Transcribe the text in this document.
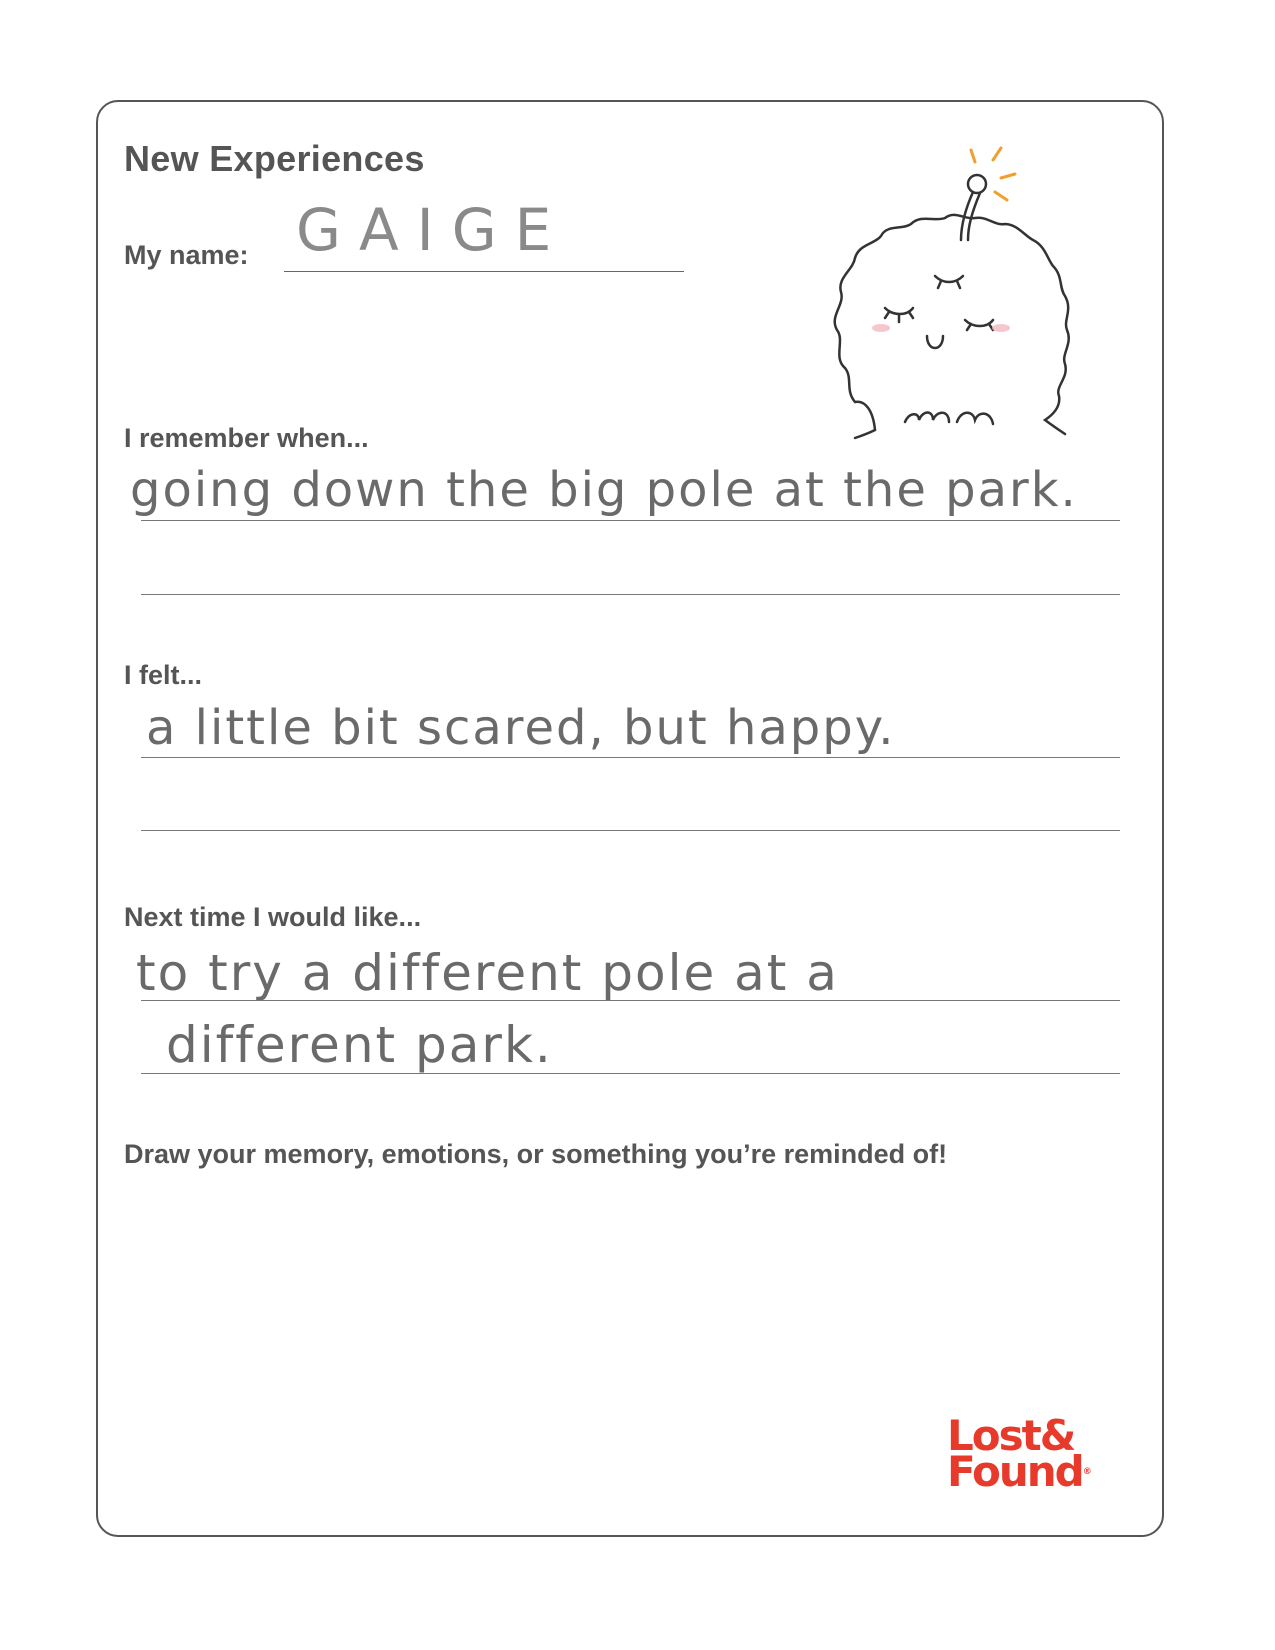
New Experiences
My name: GAIGE
I remember when...
going down the big pole at the park.
I felt...
a little bit scared, but happy.
Next time I would like...
to try a different pole at a
different park.
Draw your memory, emotions, or something you’re reminded of!
Lost&
Found®
